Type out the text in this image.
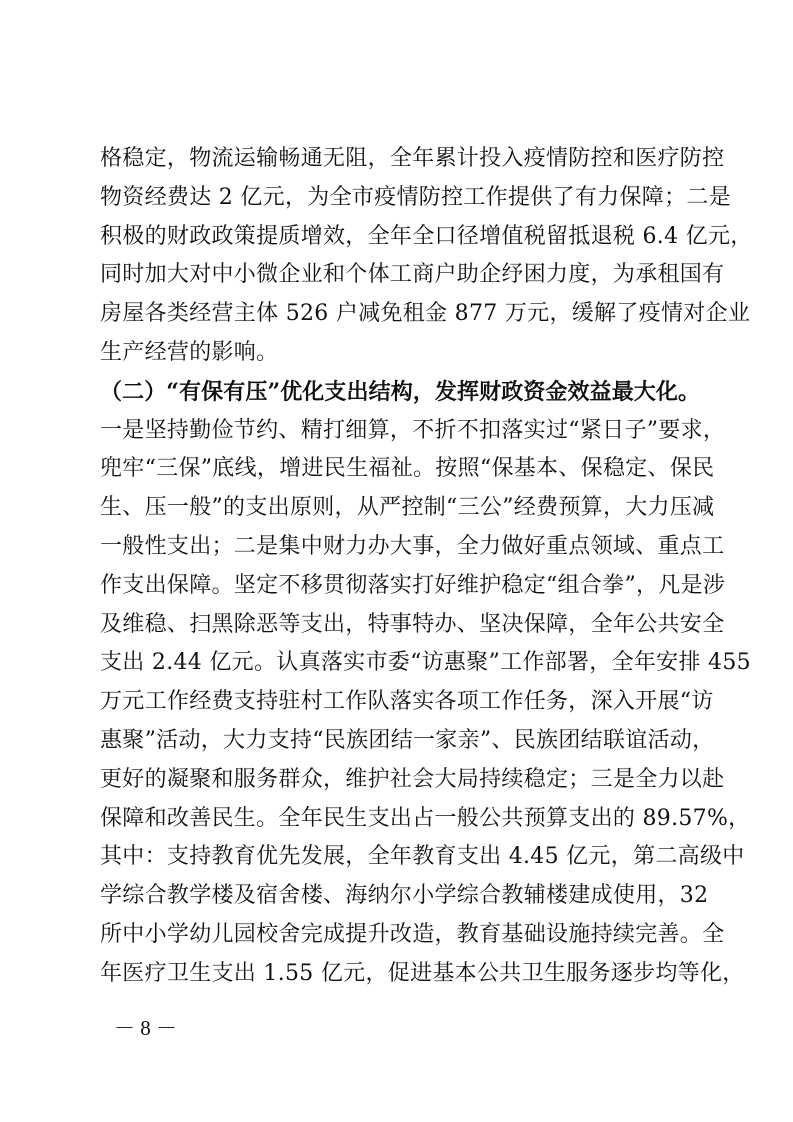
格稳定，物流运输畅通无阻，全年累计投入疫情防控和医疗防控
物资经费达 2 亿元，为全市疫情防控工作提供了有力保障；二是
积极的财政政策提质增效，全年全口径增值税留抵退税 6.4 亿元，
同时加大对中小微企业和个体工商户助企纾困力度，为承租国有
房屋各类经营主体 526 户减免租金 877 万元，缓解了疫情对企业
生产经营的影响。
（二）“有保有压”优化支出结构，发挥财政资金效益最大化。
一是坚持勤俭节约、精打细算，不折不扣落实过“紧日子”要求，
兜牢“三保”底线，增进民生福祉。按照“保基本、保稳定、保民
生、压一般”的支出原则，从严控制“三公”经费预算，大力压减
一般性支出；二是集中财力办大事，全力做好重点领域、重点工
作支出保障。坚定不移贯彻落实打好维护稳定“组合拳”，凡是涉
及维稳、扫黑除恶等支出，特事特办、坚决保障，全年公共安全
支出 2.44 亿元。认真落实市委“访惠聚”工作部署，全年安排 455
万元工作经费支持驻村工作队落实各项工作任务，深入开展“访
惠聚”活动，大力支持“民族团结一家亲”、民族团结联谊活动，
更好的凝聚和服务群众，维护社会大局持续稳定；三是全力以赴
保障和改善民生。全年民生支出占一般公共预算支出的 89.57%，
其中：支持教育优先发展，全年教育支出 4.45 亿元，第二高级中
学综合教学楼及宿舍楼、海纳尔小学综合教辅楼建成使用，32
所中小学幼儿园校舍完成提升改造，教育基础设施持续完善。全
年医疗卫生支出 1.55 亿元，促进基本公共卫生服务逐步均等化，
－ 8 －
